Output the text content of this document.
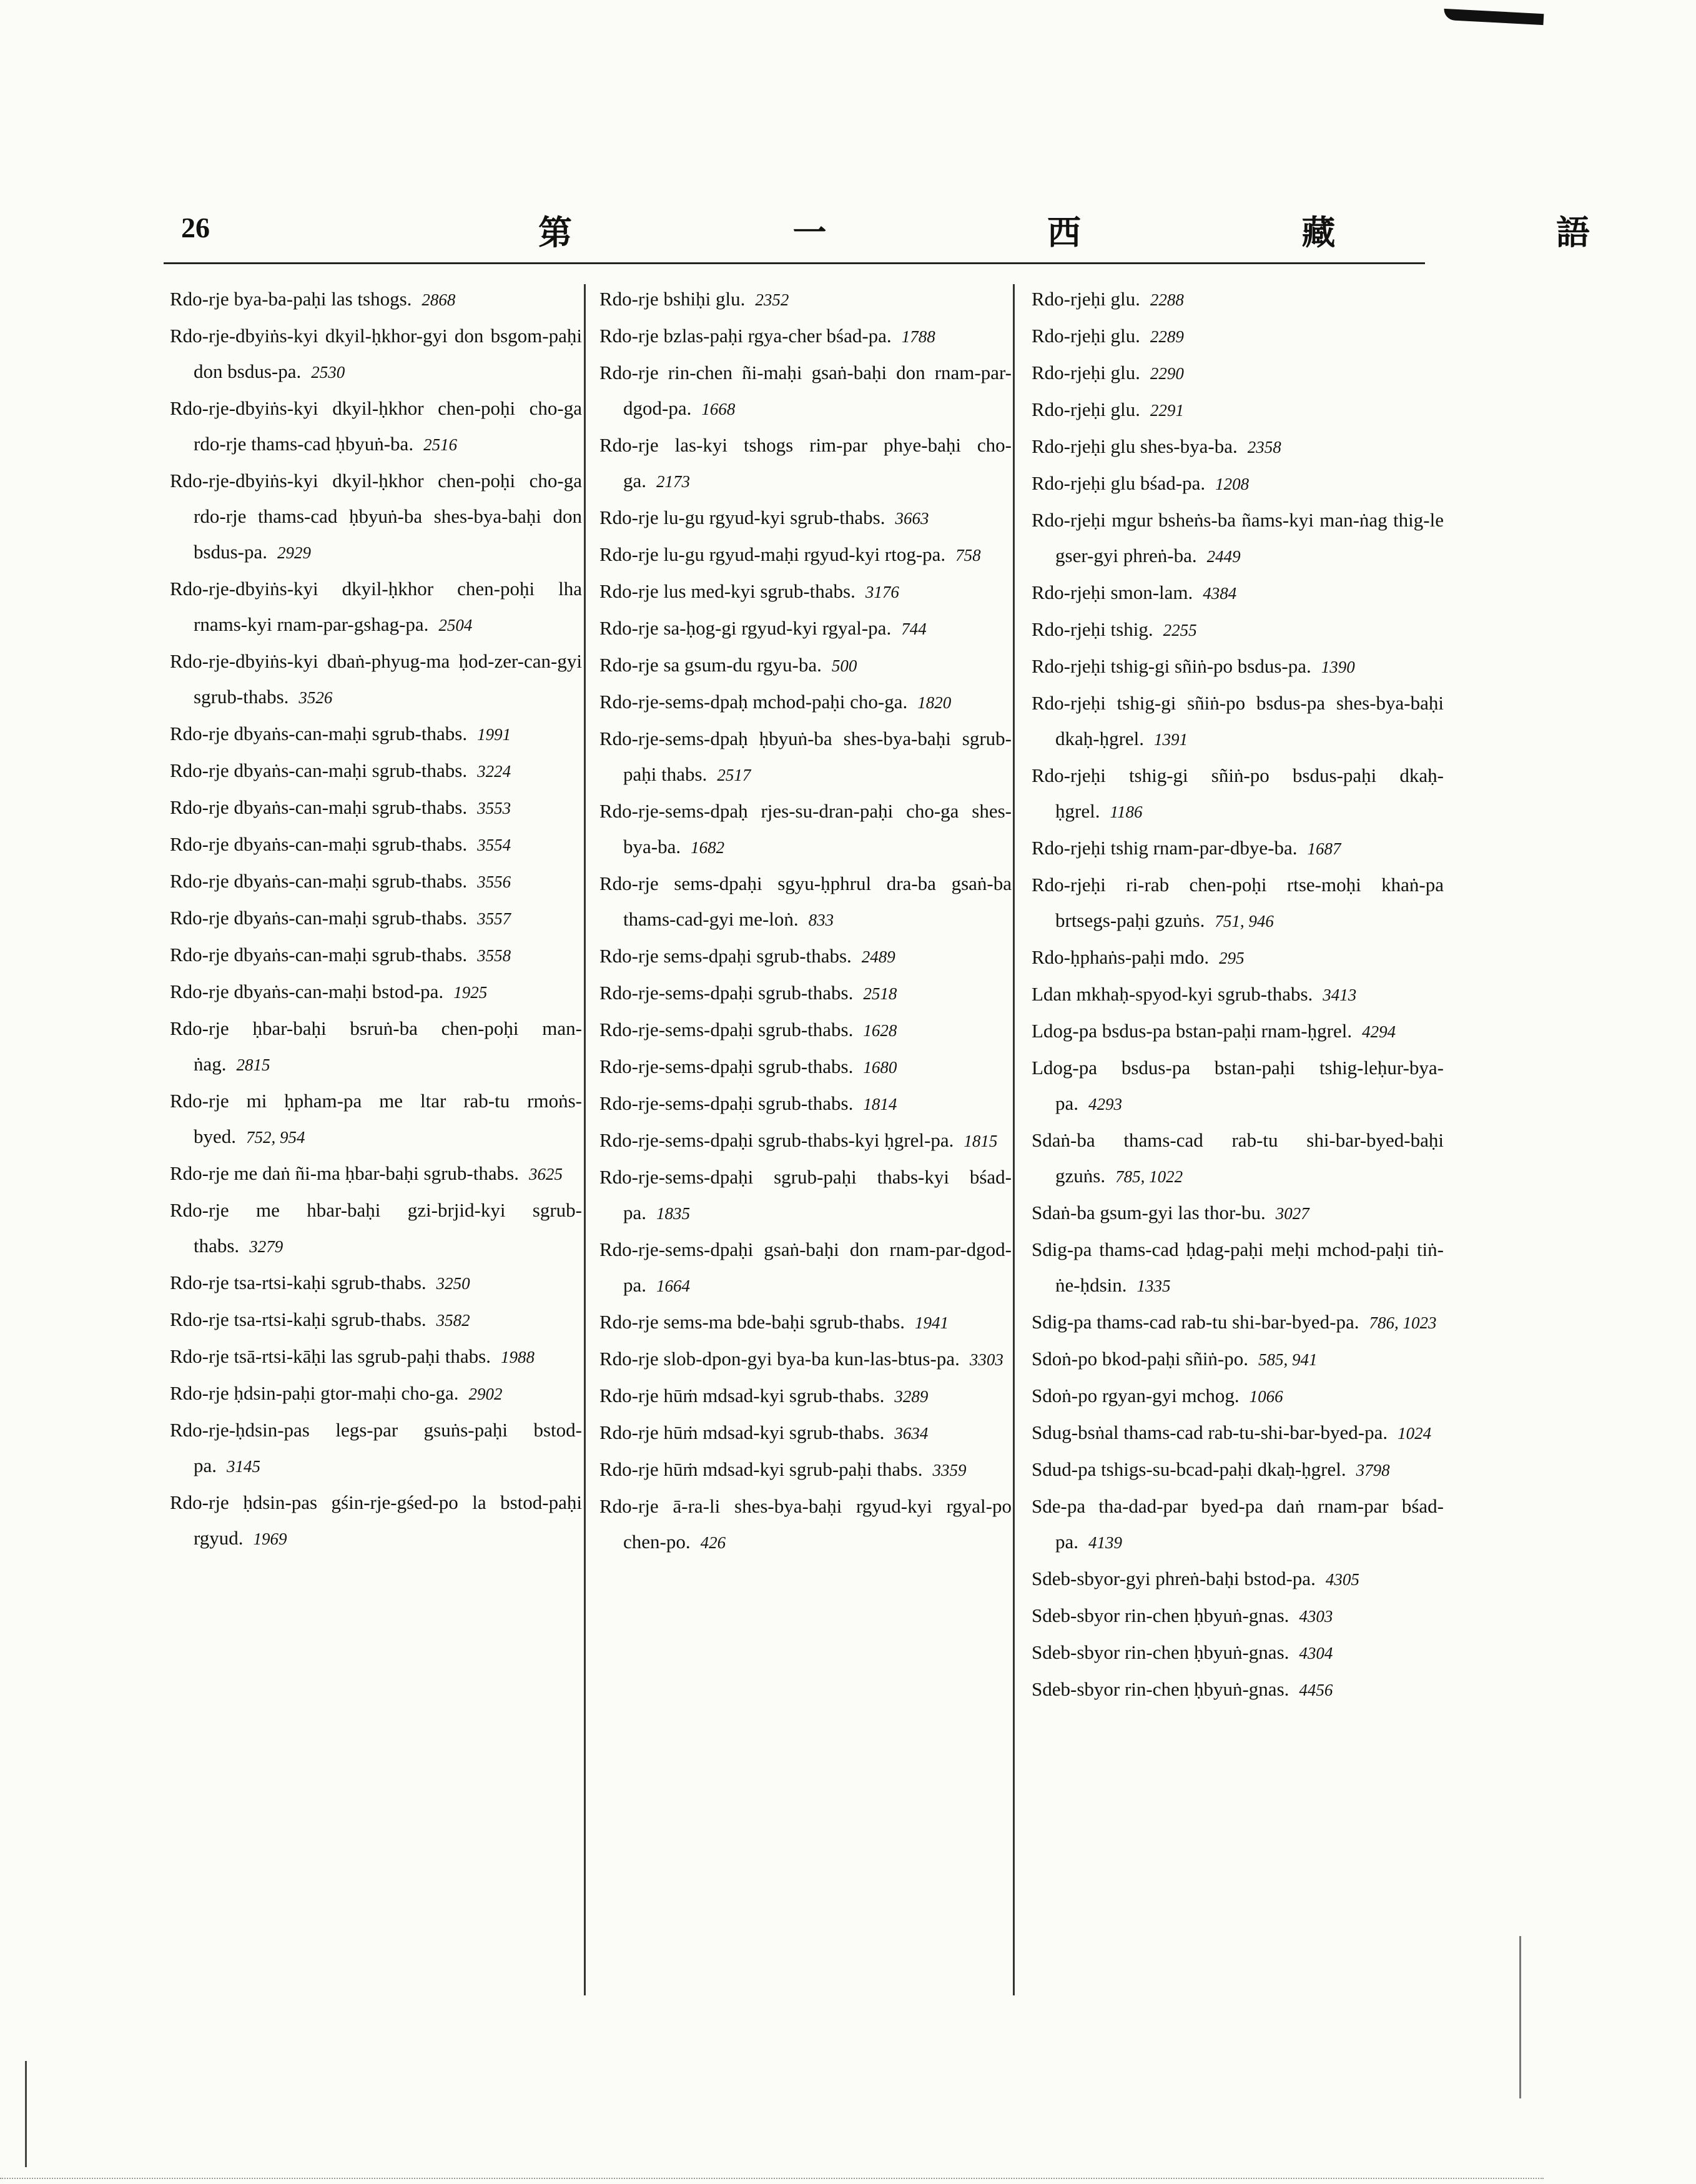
26	第 一 西 藏 語

Rdo-rje bya-ba-paḥi las tshogs. 2868

Rdo-rje-dbyiṅs-kyi dkyil-ḥkhor-gyi don bsgom-paḥi don bsdus-pa. 2530

Rdo-rje-dbyiṅs-kyi dkyil-ḥkhor chen-poḥi cho-ga rdo-rje thams-cad ḥbyuṅ-ba. 2516

Rdo-rje-dbyiṅs-kyi dkyil-ḥkhor chen-poḥi cho-ga rdo-rje thams-cad ḥbyuṅ-ba shes-bya-baḥi don bsdus-pa. 2929

Rdo-rje-dbyiṅs-kyi dkyil-ḥkhor chen-poḥi lha rnams-kyi rnam-par-gshag-pa. 2504

Rdo-rje-dbyiṅs-kyi dbaṅ-phyug-ma ḥod-zer-can-gyi sgrub-thabs. 3526

Rdo-rje dbyaṅs-can-maḥi sgrub-thabs. 1991

Rdo-rje dbyaṅs-can-maḥi sgrub-thabs. 3224

Rdo-rje dbyaṅs-can-maḥi sgrub-thabs. 3553

Rdo-rje dbyaṅs-can-maḥi sgrub-thabs. 3554

Rdo-rje dbyaṅs-can-maḥi sgrub-thabs. 3556

Rdo-rje dbyaṅs-can-maḥi sgrub-thabs. 3557

Rdo-rje dbyaṅs-can-maḥi sgrub-thabs. 3558

Rdo-rje dbyaṅs-can-maḥi bstod-pa. 1925

Rdo-rje ḥbar-baḥi bsruṅ-ba chen-poḥi man-ṅag. 2815

Rdo-rje mi ḥpham-pa me ltar rab-tu rmoṅs-byed. 752, 954

Rdo-rje me daṅ ñi-ma ḥbar-baḥi sgrub-thabs. 3625

Rdo-rje me hbar-baḥi gzi-brjid-kyi sgrub-thabs. 3279

Rdo-rje tsa-rtsi-kaḥi sgrub-thabs. 3250

Rdo-rje tsa-rtsi-kaḥi sgrub-thabs. 3582

Rdo-rje tsā-rtsi-kāḥi las sgrub-paḥi thabs. 1988

Rdo-rje ḥdsin-paḥi gtor-maḥi cho-ga. 2902

Rdo-rje-ḥdsin-pas legs-par gsuṅs-paḥi bstod-pa. 3145

Rdo-rje ḥdsin-pas gśin-rje-gśed-po la bstod-paḥi rgyud. 1969

Rdo-rje bshiḥi glu. 2352

Rdo-rje bzlas-paḥi rgya-cher bśad-pa. 1788

Rdo-rje rin-chen ñi-maḥi gsaṅ-baḥi don rnam-par-dgod-pa. 1668

Rdo-rje las-kyi tshogs rim-par phye-baḥi cho-ga. 2173

Rdo-rje lu-gu rgyud-kyi sgrub-thabs. 3663

Rdo-rje lu-gu rgyud-maḥi rgyud-kyi rtog-pa. 758

Rdo-rje lus med-kyi sgrub-thabs. 3176

Rdo-rje sa-ḥog-gi rgyud-kyi rgyal-pa. 744

Rdo-rje sa gsum-du rgyu-ba. 500

Rdo-rje-sems-dpaḥ mchod-paḥi cho-ga. 1820

Rdo-rje-sems-dpaḥ ḥbyuṅ-ba shes-bya-baḥi sgrub-paḥi thabs. 2517

Rdo-rje-sems-dpaḥ rjes-su-dran-paḥi cho-ga shes-bya-ba. 1682

Rdo-rje sems-dpaḥi sgyu-ḥphrul dra-ba gsaṅ-ba thams-cad-gyi me-loṅ. 833

Rdo-rje sems-dpaḥi sgrub-thabs. 2489

Rdo-rje-sems-dpaḥi sgrub-thabs. 2518

Rdo-rje-sems-dpaḥi sgrub-thabs. 1628

Rdo-rje-sems-dpaḥi sgrub-thabs. 1680

Rdo-rje-sems-dpaḥi sgrub-thabs. 1814

Rdo-rje-sems-dpaḥi sgrub-thabs-kyi ḥgrel-pa. 1815

Rdo-rje-sems-dpaḥi sgrub-paḥi thabs-kyi bśad-pa. 1835

Rdo-rje-sems-dpaḥi gsaṅ-baḥi don rnam-par-dgod-pa. 1664

Rdo-rje sems-ma bde-baḥi sgrub-thabs. 1941

Rdo-rje slob-dpon-gyi bya-ba kun-las-btus-pa. 3303

Rdo-rje hūṁ mdsad-kyi sgrub-thabs. 3289

Rdo-rje hūṁ mdsad-kyi sgrub-thabs. 3634

Rdo-rje hūṁ mdsad-kyi sgrub-paḥi thabs. 3359

Rdo-rje ā-ra-li shes-bya-baḥi rgyud-kyi rgyal-po chen-po. 426

Rdo-rjeḥi glu. 2288

Rdo-rjeḥi glu. 2289

Rdo-rjeḥi glu. 2290

Rdo-rjeḥi glu. 2291

Rdo-rjeḥi glu shes-bya-ba. 2358

Rdo-rjeḥi glu bśad-pa. 1208

Rdo-rjeḥi mgur bsheṅs-ba ñams-kyi man-ṅag thig-le gser-gyi phreṅ-ba. 2449

Rdo-rjeḥi smon-lam. 4384

Rdo-rjeḥi tshig. 2255

Rdo-rjeḥi tshig-gi sñiṅ-po bsdus-pa. 1390

Rdo-rjeḥi tshig-gi sñiṅ-po bsdus-pa shes-bya-baḥi dkaḥ-ḥgrel. 1391

Rdo-rjeḥi tshig-gi sñiṅ-po bsdus-paḥi dkaḥ-ḥgrel. 1186

Rdo-rjeḥi tshig rnam-par-dbye-ba. 1687

Rdo-rjeḥi ri-rab chen-poḥi rtse-moḥi khaṅ-pa brtsegs-paḥi gzuṅs. 751, 946

Rdo-ḥphaṅs-paḥi mdo. 295

Ldan mkhaḥ-spyod-kyi sgrub-thabs. 3413

Ldog-pa bsdus-pa bstan-paḥi rnam-ḥgrel. 4294

Ldog-pa bsdus-pa bstan-paḥi tshig-leḥur-bya-pa. 4293

Sdaṅ-ba thams-cad rab-tu shi-bar-byed-baḥi gzuṅs. 785, 1022

Sdaṅ-ba gsum-gyi las thor-bu. 3027

Sdig-pa thams-cad ḥdag-paḥi meḥi mchod-paḥi tiṅ-ṅe-ḥdsin. 1335

Sdig-pa thams-cad rab-tu shi-bar-byed-pa. 786, 1023

Sdoṅ-po bkod-paḥi sñiṅ-po. 585, 941

Sdoṅ-po rgyan-gyi mchog. 1066

Sdug-bsṅal thams-cad rab-tu-shi-bar-byed-pa. 1024

Sdud-pa tshigs-su-bcad-paḥi dkaḥ-ḥgrel. 3798

Sde-pa tha-dad-par byed-pa daṅ rnam-par bśad-pa. 4139

Sdeb-sbyor-gyi phreṅ-baḥi bstod-pa. 4305

Sdeb-sbyor rin-chen ḥbyuṅ-gnas. 4303

Sdeb-sbyor rin-chen ḥbyuṅ-gnas. 4304

Sdeb-sbyor rin-chen ḥbyuṅ-gnas. 4456
